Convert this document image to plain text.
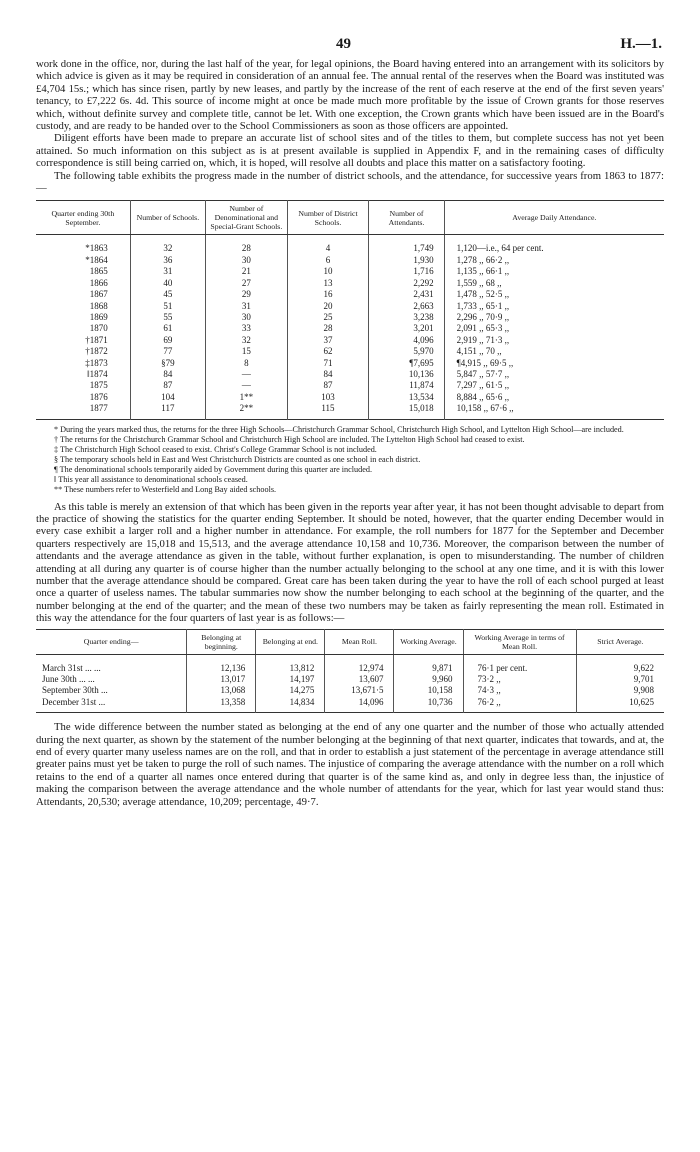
49	H.—1.

work done in the office, nor, during the last half of the year, for legal opinions, the Board having entered into an arrangement with its solicitors by which advice is given as it may be required in consideration of an annual fee. The annual rental of the reserves when the Board was instituted was £4,704 15s.; which has since risen, partly by new leases, and partly by the increase of the rent of each reserve at the end of the first seven years' tenancy, to £7,222 6s. 4d. This source of income might at once be made much more profitable by the issue of Crown grants for those reserves which, without definite survey and complete title, cannot be let. With one exception, the Crown grants which have been issued are in the Board's custody, and are ready to be handed over to the School Commissioners as soon as those officers are appointed.

Diligent efforts have been made to prepare an accurate list of school sites and of the titles to them, but complete success has not yet been attained. So much information on this subject as is at present available is supplied in Appendix F, and in the remaining cases of difficulty correspondence is still being carried on, which, it is hoped, will resolve all doubts and place this matter on a satisfactory footing.

The following table exhibits the progress made in the number of district schools, and the attendance, for successive years from 1863 to 1877:—

Quarter ending 30th September.	Number of Schools.	Number of Denominational and Special-Grant Schools.	Number of District Schools.	Number of Attendants.	Average Daily Attendance.
*1863	32	28	4	1,749	1,120—i.e., 64 per cent.
*1864	36	30	6	1,930	1,278 ,, 66·2 ,,
1865	31	21	10	1,716	1,135 ,, 66·1 ,,
1866	40	27	13	2,292	1,559 ,, 68 ,,
1867	45	29	16	2,431	1,478 ,, 52·5 ,,
1868	51	31	20	2,663	1,733 ,, 65·1 ,,
1869	55	30	25	3,238	2,296 ,, 70·9 ,,
1870	61	33	28	3,201	2,091 ,, 65·3 ,,
†1871	69	32	37	4,096	2,919 ,, 71·3 ,,
†1872	77	15	62	5,970	4,151 ,, 70 ,,
‡1873	§79	8	71	¶7,695	¶4,915 ,, 69·5 ,,
‖1874	84	—	84	10,136	5,847 ,, 57·7 ,,
1875	87	—	87	11,874	7,297 ,, 61·5 ,,
1876	104	1**	103	13,534	8,884 ,, 65·6 ,,
1877	117	2**	115	15,018	10,158 ,, 67·6 ,,
* During the years marked thus, the returns for the three High Schools—Christchurch Grammar School, Christchurch High School, and Lyttelton High School—are included.
† The returns for the Christchurch Grammar School and Christchurch High School are included. The Lyttelton High School had ceased to exist.
‡ The Christchurch High School ceased to exist. Christ's College Grammar School is not included.
§ The temporary schools held in East and West Christchurch Districts are counted as one school in each district.
¶ The denominational schools temporarily aided by Government during this quarter are included.
‖ This year all assistance to denominational schools ceased.
** These numbers refer to Westerfield and Long Bay aided schools.

As this table is merely an extension of that which has been given in the reports year after year, it has not been thought advisable to depart from the practice of showing the statistics for the quarter ending September. It should be noted, however, that the quarter ending December would in every case exhibit a larger roll and a higher number in attendance. For example, the roll numbers for 1877 for the September and December quarters respectively are 15,018 and 15,513, and the average attendance 10,158 and 10,736. Moreover, the comparison between the number of attendants and the average attendance as given in the table, without further explanation, is open to misunderstanding. The number of children attending at all during any quarter is of course higher than the number actually belonging to the school at any one time, and it is with this lower number that the average attendance should be compared. Great care has been taken during the year to have the roll of each school purged at least once a quarter of useless names. The tabular summaries now show the number belonging to each school at the beginning of the quarter, and the number belonging at the end of the quarter; and the mean of these two numbers may be taken as fairly representing the mean roll. Estimated in this way the attendance for the four quarters of last year is as follows:—

Quarter ending—	Belonging at beginning.	Belonging at end.	Mean Roll.	Working Average.	Working Average in terms of Mean Roll.	Strict Average.
March 31st ... ...	12,136	13,812	12,974	9,871	76·1 per cent.	9,622
June 30th ... ...	13,017	14,197	13,607	9,960	73·2 ,,	9,701
September 30th ...	13,068	14,275	13,671·5	10,158	74·3 ,,	9,908
December 31st ...	13,358	14,834	14,096	10,736	76·2 ,,	10,625

The wide difference between the number stated as belonging at the end of any one quarter and the number of those who actually attended during the next quarter, as shown by the statement of the number belonging at the beginning of that next quarter, indicates that towards, and at, the end of every quarter many useless names are on the roll, and that in order to establish a just statement of the percentage in average attendance still greater pains must yet be taken to purge the roll of such names. The injustice of comparing the average attendance with the number on a roll which retains to the end of a quarter all names once entered during that quarter is of the same kind as, and only in degree less than, the injustice of making the comparison between the average attendance and the whole number of attendants for the year, which for last year would stand thus: Attendants, 20,530; average attendance, 10,209; percentage, 49·7.
